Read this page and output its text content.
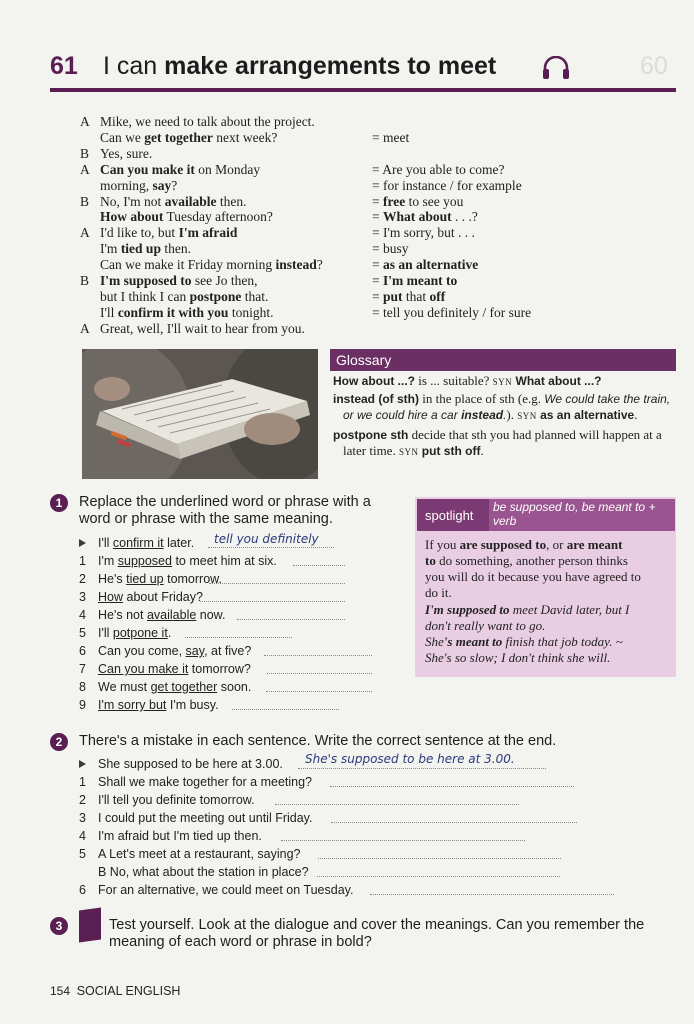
60
61 I can make arrangements to meet
A Mike, we need to talk about the project.
Can we get together next week?	= meet
B Yes, sure.
A Can you make it on Monday	= Are you able to come?
morning, say?	= for instance / for example
B No, I'm not available then.	= free to see you
How about Tuesday afternoon?	= What about . . .?
A I'd like to, but I'm afraid	= I'm sorry, but . . .
I'm tied up then.	= busy
Can we make it Friday morning instead?	= as an alternative
B I'm supposed to see Jo then,	= I'm meant to
but I think I can postpone that.	= put that off
I'll confirm it with you tonight.	= tell you definitely / for sure
A Great, well, I'll wait to hear from you.
Glossary
How about ...? is ... suitable? SYN What about ...?
instead (of sth) in the place of sth (e.g. We could take the train, or we could hire a car instead.). SYN as an alternative.
postpone sth decide that sth you had planned will happen at a later time. SYN put sth off.
1	Replace the underlined word or phrase with a word or phrase with the same meaning.
I'll confirm it later. tell you definitely
1 I'm supposed to meet him at six.
2 He's tied up tomorrow.
3 How about Friday?
4 He's not available now.
5 I'll potpone it.
6 Can you come, say, at five?
7 Can you make it tomorrow?
8 We must get together soon.
9 I'm sorry but I'm busy.
spotlight
be supposed to, be meant to + verb
If you are supposed to, or are meant
to do something, another person thinks
you will do it because you have agreed to
do it.
I'm supposed to meet David later, but I
don't really want to go.
She's meant to finish that job today. ~
She's so slow; I don't think she will.
2	There's a mistake in each sentence. Write the correct sentence at the end.
She supposed to be here at 3.00. She's supposed to be here at 3.00.
1 Shall we make together for a meeting?
2 I'll tell you definite tomorrow.
3 I could put the meeting out until Friday.
4 I'm afraid but I'm tied up then.
5 A Let's meet at a restaurant, saying?
B No, what about the station in place?
6 For an alternative, we could meet on Tuesday.
3	Test yourself. Look at the dialogue and cover the meanings. Can you remember the meaning of each word or phrase in bold?
154 SOCIAL ENGLISH
